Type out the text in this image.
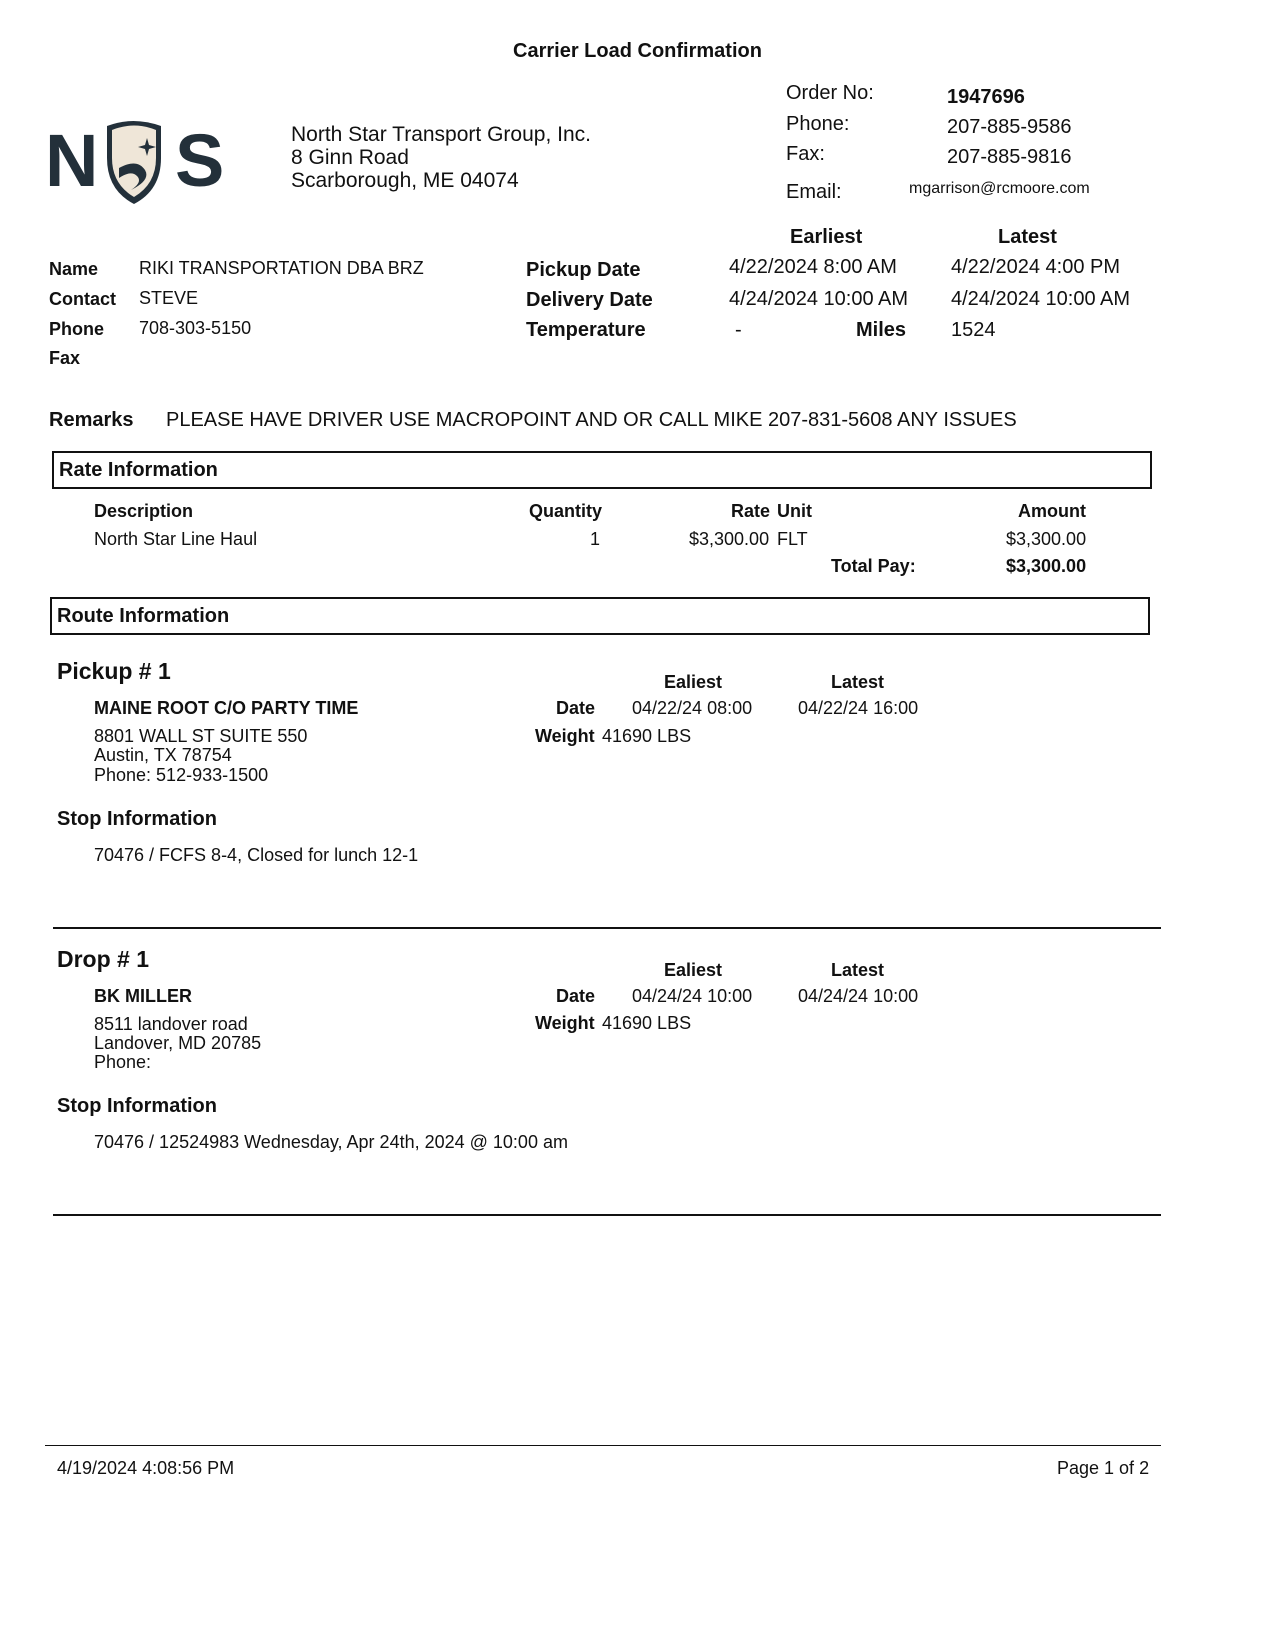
Carrier Load Confirmation
N S	North Star Transport Group, Inc.
8 Ginn Road
Scarborough, ME 04074
Order No:	1947696
Phone:	207-885-9586
Fax:	207-885-9816
Email:	mgarrison@rcmoore.com
Name RIKI TRANSPORTATION DBA BRZ
Contact STEVE
Phone 708-303-5150
Fax
Earliest	Latest
Pickup Date	4/22/2024 8:00 AM	4/22/2024 4:00 PM
Delivery Date	4/24/2024 10:00 AM 4/24/2024 10:00 AM
Temperature	-	Miles 1524
Remarks PLEASE HAVE DRIVER USE MACROPOINT AND OR CALL MIKE 207-831-5608 ANY ISSUES
Rate Information
Description	Quantity	Rate Unit	Amount
North Star Line Haul	1	$3,300.00 FLT	$3,300.00
Total Pay:	$3,300.00
Route Information
Pickup # 1	Ealiest	Latest
MAINE ROOT C/O PARTY TIME
8801 WALL ST SUITE 550
Austin, TX 78754
Phone: 512-933-1500
Date 04/22/24 08:00	04/22/24 16:00
Weight 41690 LBS
Stop Information
70476 / FCFS 8-4, Closed for lunch 12-1
Drop # 1	Ealiest	Latest
BK MILLER
8511 landover road
Landover, MD 20785
Phone:
Date 04/24/24 10:00	04/24/24 10:00
Weight 41690 LBS
Stop Information
70476 / 12524983 Wednesday, Apr 24th, 2024 @ 10:00 am
4/19/2024 4:08:56 PM	Page 1 of 2
